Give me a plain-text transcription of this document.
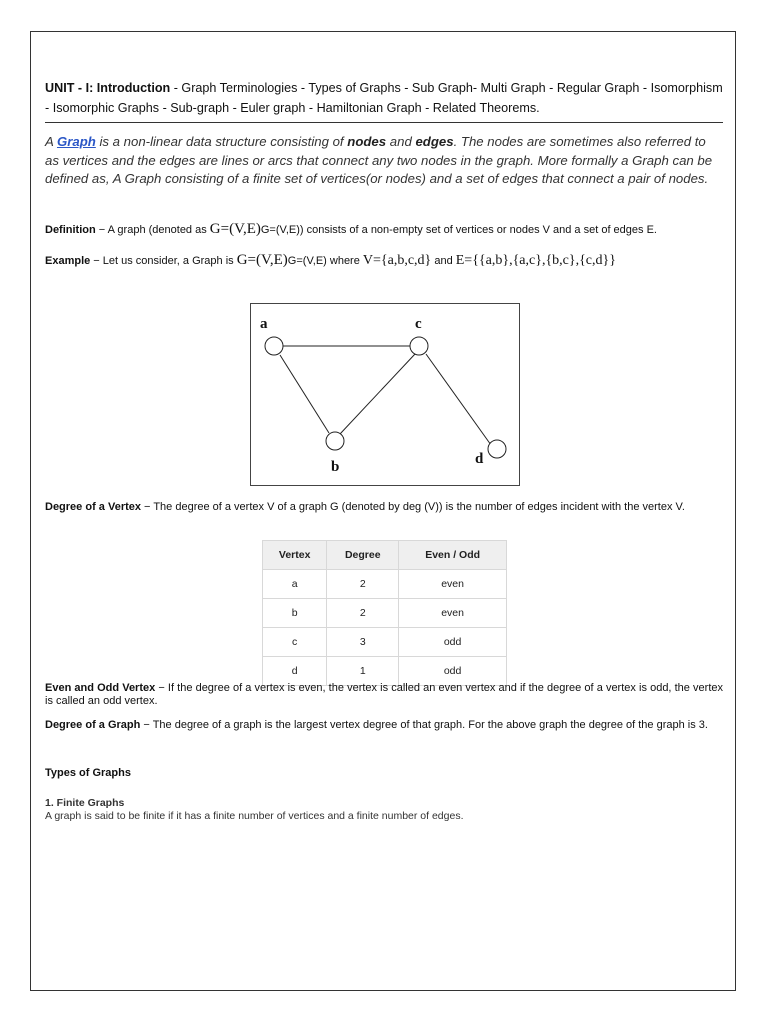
UNIT - I: Introduction - Graph Terminologies - Types of Graphs - Sub Graph- Multi Graph - Regular Graph - Isomorphism - Isomorphic Graphs - Sub-graph - Euler graph - Hamiltonian Graph - Related Theorems.

A Graph is a non-linear data structure consisting of nodes and edges. The nodes are sometimes also referred to as vertices and the edges are lines or arcs that connect any two nodes in the graph. More formally a Graph can be defined as, A Graph consisting of a finite set of vertices(or nodes) and a set of edges that connect a pair of nodes.

Definition − A graph (denoted as G=(V,E)G=(V,E)) consists of a non-empty set of vertices or nodes V and a set of edges E.

Example − Let us consider, a Graph is G=(V,E)G=(V,E) where V={a,b,c,d} and E={{a,b},{a,c},{b,c},{c,d}}

a
b
c
d

Degree of a Vertex − The degree of a vertex V of a graph G (denoted by deg (V)) is the number of edges incident with the vertex V.

Vertex	Degree	Even / Odd
a	2	even
b	2	even
c	3	odd
d	1	odd

Even and Odd Vertex − If the degree of a vertex is even, the vertex is called an even vertex and if the degree of a vertex is odd, the vertex is called an odd vertex.

Degree of a Graph − The degree of a graph is the largest vertex degree of that graph. For the above graph the degree of the graph is 3.

Types of Graphs

1. Finite Graphs

A graph is said to be finite if it has a finite number of vertices and a finite number of edges.
